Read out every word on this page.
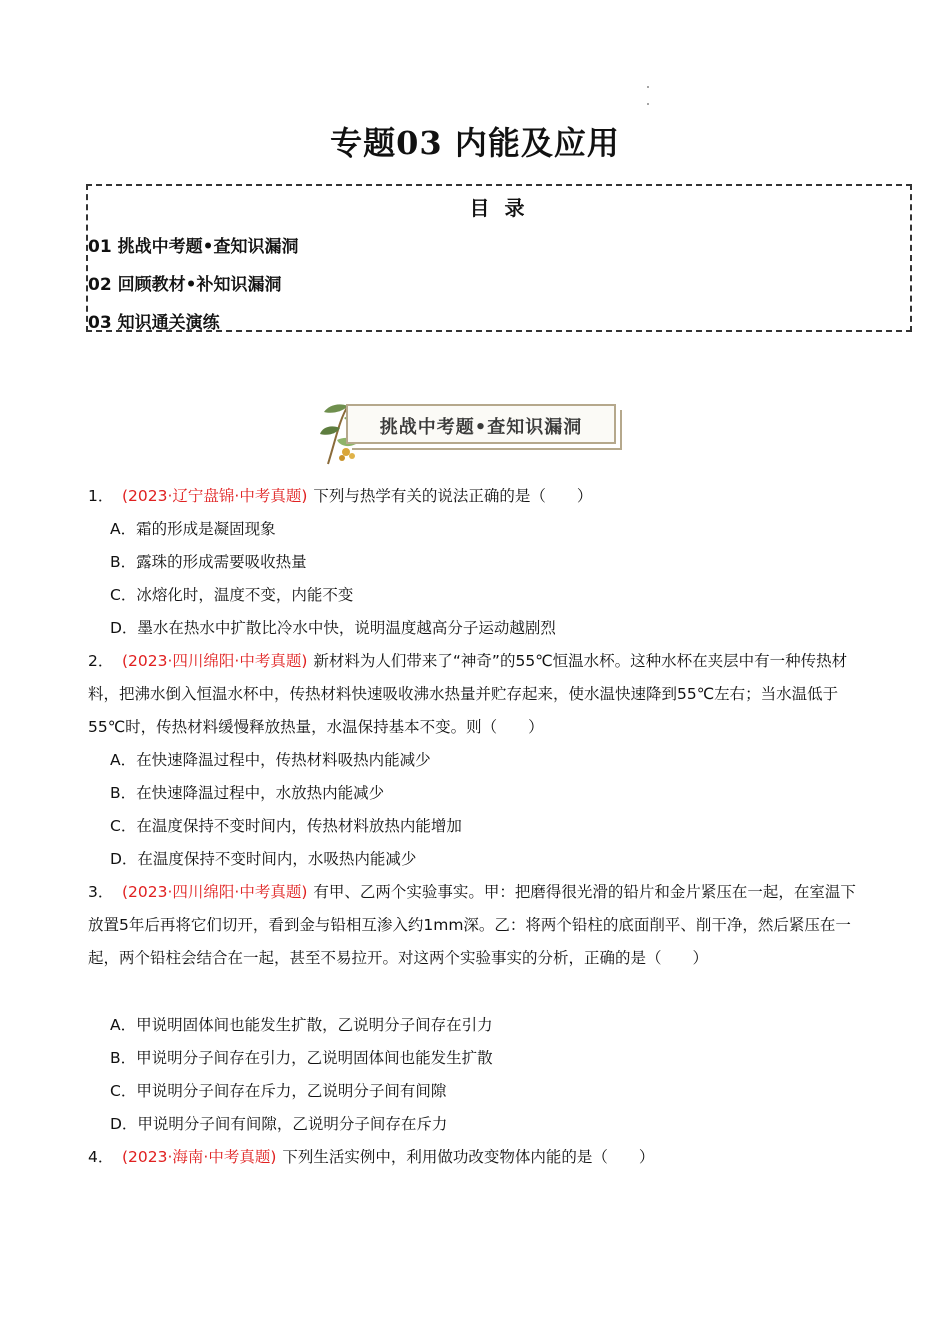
专题03 内能及应用
目 录
01 挑战中考题•查知识漏洞
02 回顾教材•补知识漏洞
03 知识通关演练
挑战中考题•查知识漏洞
1． (2023·辽宁盘锦·中考真题) 下列与热学有关的说法正确的是（　　）
A．霜的形成是凝固现象
B．露珠的形成需要吸收热量
C．冰熔化时，温度不变，内能不变
D．墨水在热水中扩散比冷水中快，说明温度越高分子运动越剧烈
2． (2023·四川绵阳·中考真题) 新材料为人们带来了“神奇”的55℃恒温水杯。这种水杯在夹层中有一种传热材料，把沸水倒入恒温水杯中，传热材料快速吸收沸水热量并贮存起来，使水温快速降到55℃左右；当水温低于55℃时，传热材料缓慢释放热量，水温保持基本不变。则（　　）
A．在快速降温过程中，传热材料吸热内能减少
B．在快速降温过程中，水放热内能减少
C．在温度保持不变时间内，传热材料放热内能增加
D．在温度保持不变时间内，水吸热内能减少
3． (2023·四川绵阳·中考真题) 有甲、乙两个实验事实。甲：把磨得很光滑的铅片和金片紧压在一起，在室温下放置5年后再将它们切开，看到金与铅相互渗入约1mm深。乙：将两个铅柱的底面削平、削干净，然后紧压在一起，两个铅柱会结合在一起，甚至不易拉开。对这两个实验事实的分析，正确的是（　　）
A．甲说明固体间也能发生扩散，乙说明分子间存在引力
B．甲说明分子间存在引力，乙说明固体间也能发生扩散
C．甲说明分子间存在斥力，乙说明分子间有间隙
D．甲说明分子间有间隙，乙说明分子间存在斥力
4． (2023·海南·中考真题) 下列生活实例中，利用做功改变物体内能的是（　　）
